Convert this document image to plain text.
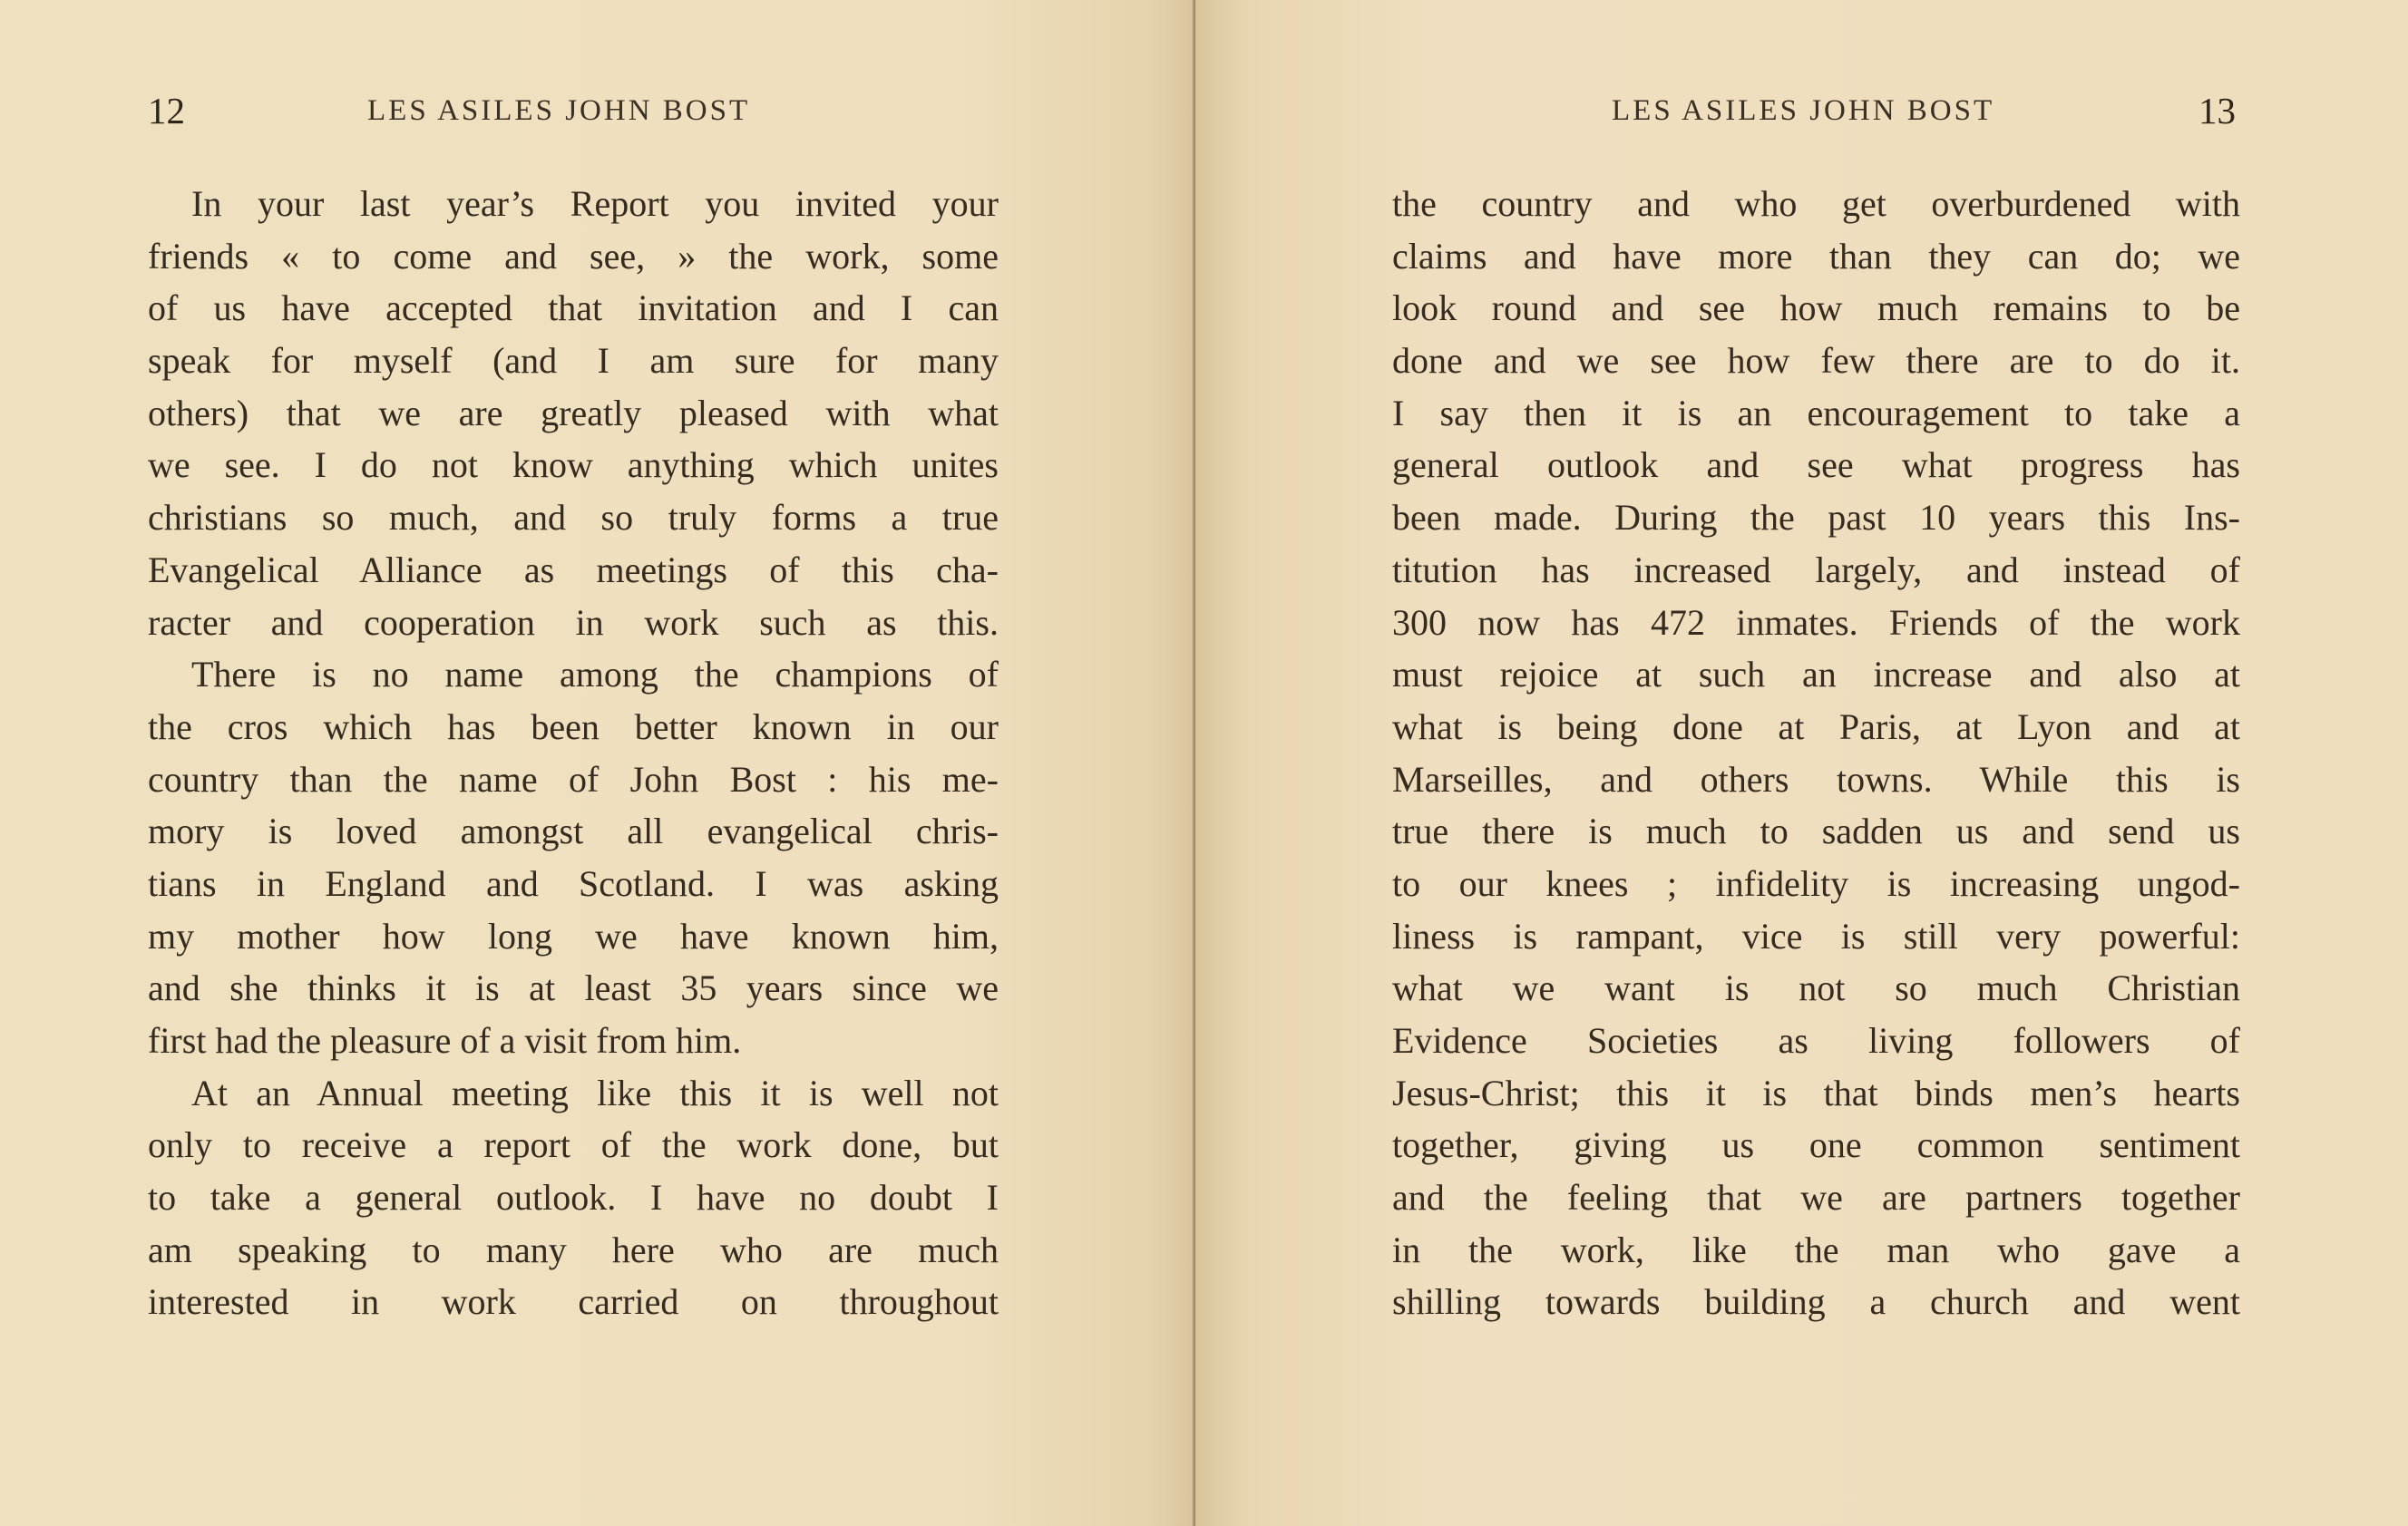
12	LES ASILES JOHN BOST
In your last year’s Report you invited your
friends « to come and see, » the work, some
of us have accepted that invitation and I can
speak for myself (and I am sure for many
others) that we are greatly pleased with what
we see. I do not know anything which unites
christians so much, and so truly forms a true
Evangelical Alliance as meetings of this cha-
racter and cooperation in work such as this.
There is no name among the champions of
the cros which has been better known in our
country than the name of John Bost : his me-
mory is loved amongst all evangelical chris-
tians in England and Scotland. I was asking
my mother how long we have known him,
and she thinks it is at least 35 years since we
first had the pleasure of a visit from him.
At an Annual meeting like this it is well not
only to receive a report of the work done, but
to take a general outlook. I have no doubt I
am speaking to many here who are much
interested in work carried on throughout
LES ASILES JOHN BOST	13
the country and who get overburdened with
claims and have more than they can do; we
look round and see how much remains to be
done and we see how few there are to do it.
I say then it is an encouragement to take a
general outlook and see what progress has
been made. During the past 10 years this Ins-
titution has increased largely, and instead of
300 now has 472 inmates. Friends of the work
must rejoice at such an increase and also at
what is being done at Paris, at Lyon and at
Marseilles, and others towns. While this is
true there is much to sadden us and send us
to our knees ; infidelity is increasing ungod-
liness is rampant, vice is still very powerful:
what we want is not so much Christian
Evidence Societies as living followers of
Jesus-Christ; this it is that binds men’s hearts
together, giving us one common sentiment
and the feeling that we are partners together
in the work, like the man who gave a
shilling towards building a church and went
